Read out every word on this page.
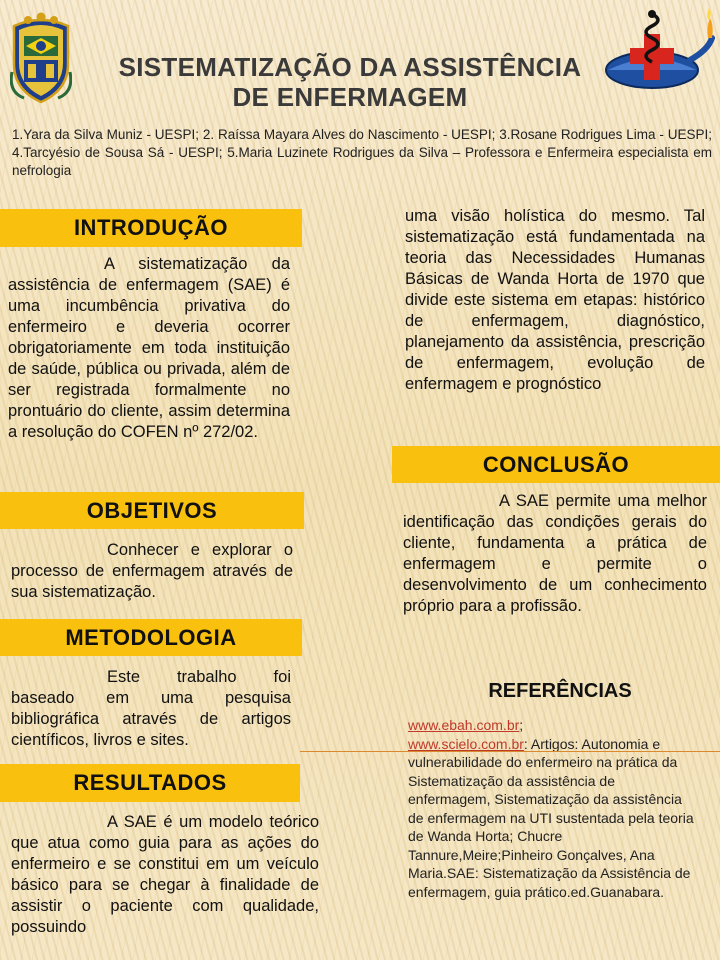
SISTEMATIZAÇÃO DA ASSISTÊNCIA
DE ENFERMAGEM
1.Yara da Silva Muniz - UESPI; 2. Raíssa Mayara Alves do Nascimento - UESPI; 3.Rosane Rodrigues Lima - UESPI; 4.Tarcyésio de Sousa Sá - UESPI; 5.Maria Luzinete Rodrigues da Silva – Professora e Enfermeira especialista em nefrologia
INTRODUÇÃO
A sistematização da assistência de enfermagem (SAE) é uma incumbência privativa do enfermeiro e deveria ocorrer obrigatoriamente em toda instituição de saúde, pública ou privada, além de ser registrada formalmente no prontuário do cliente, assim determina a resolução do COFEN nº 272/02.
OBJETIVOS
Conhecer e explorar o processo de enfermagem através de sua sistematização.
METODOLOGIA
Este trabalho foi baseado em uma pesquisa bibliográfica através de artigos científicos, livros e sites.
RESULTADOS
A SAE é um modelo teórico que atua como guia para as ações do enfermeiro e se constitui em um veículo básico para se chegar à finalidade de assistir o paciente com qualidade, possuindo
uma visão holística do mesmo. Tal sistematização está fundamentada na teoria das Necessidades Humanas Básicas de Wanda Horta de 1970 que divide este sistema em etapas: histórico de enfermagem, diagnóstico, planejamento da assistência, prescrição de enfermagem, evolução de enfermagem e prognóstico
CONCLUSÃO
A SAE permite uma melhor identificação das condições gerais do cliente, fundamenta a prática de enfermagem e permite o desenvolvimento de um conhecimento próprio para a profissão.
REFERÊNCIAS
www.ebah.com.br;
www.scielo.com.br: Artigos: Autonomia e vulnerabilidade do enfermeiro na prática da Sistematização da assistência de enfermagem, Sistematização da assistência de enfermagem na UTI sustentada pela teoria de Wanda Horta; Chucre Tannure,Meire;Pinheiro Gonçalves, Ana Maria.SAE: Sistematização da Assistência de enfermagem, guia prático.ed.Guanabara.
